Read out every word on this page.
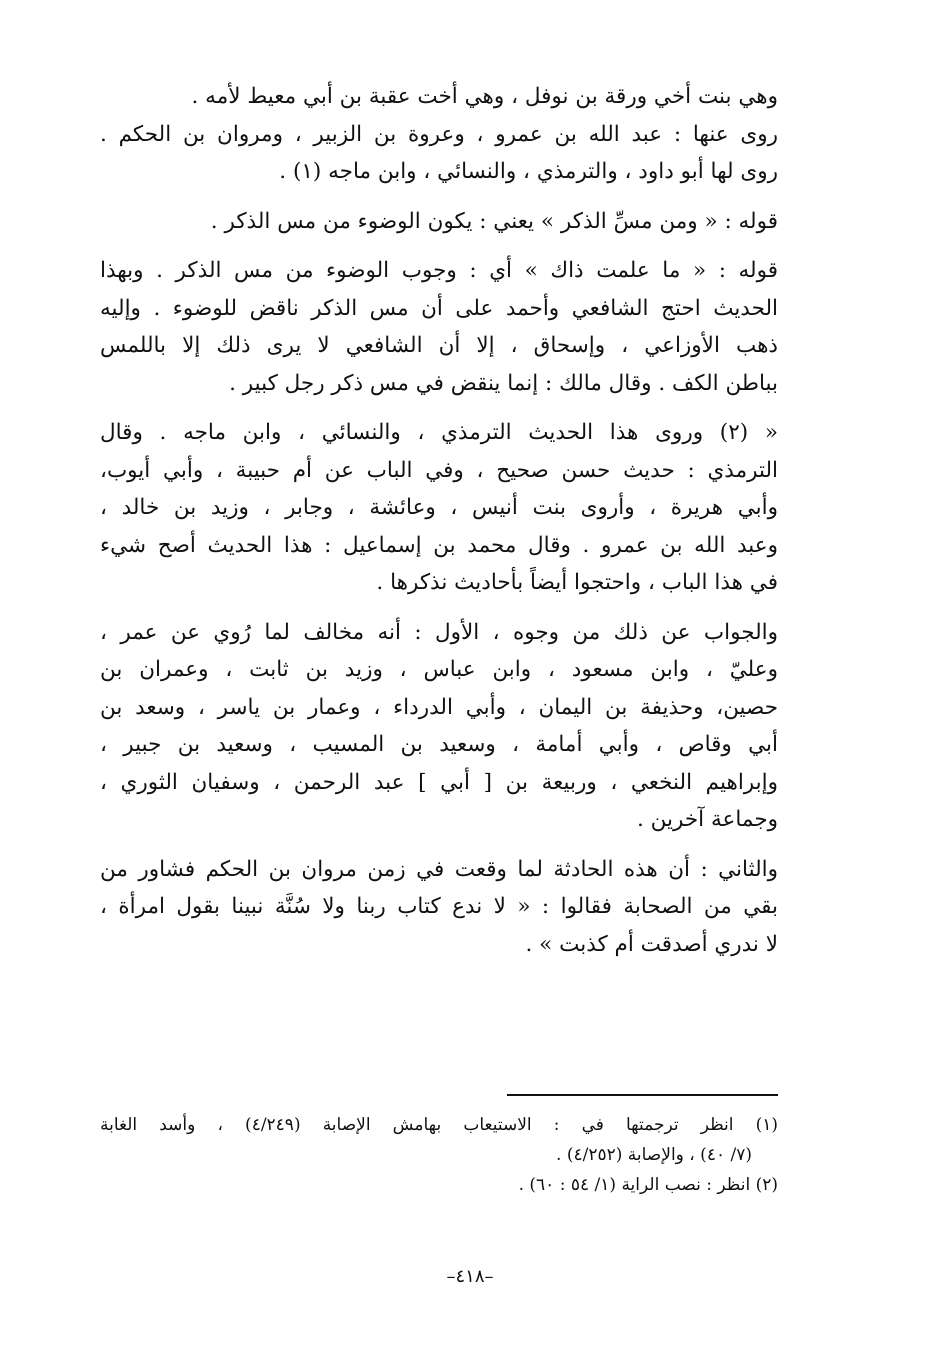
وهي بنت أخي ورقة بن نوفل ، وهي أخت عقبة بن أبي معيط لأمه .
روى عنها : عبد الله بن عمرو ، وعروة بن الزبير ، ومروان بن الحكم .
روى لها أبو داود ، والترمذي ، والنسائي ، وابن ماجه (١) .
قوله : « ومن مسِّ الذكر » يعني : يكون الوضوء من مس الذكر .
قوله : « ما علمت ذاك » أي : وجوب الوضوء من مس الذكر . وبهذا
الحديث احتج الشافعي وأحمد على أن مس الذكر ناقض للوضوء . وإليه
ذهب الأوزاعي ، وإسحاق ، إلا أن الشافعي لا يرى ذلك إلا باللمس
بباطن الكف . وقال مالك : إنما ينقض في مس ذكر رجل كبير .
« (٢) وروى هذا الحديث الترمذي ، والنسائي ، وابن ماجه . وقال
الترمذي : حديث حسن صحيح ، وفي الباب عن أم حبيبة ، وأبي أيوب،
وأبي هريرة ، وأروى بنت أنيس ، وعائشة ، وجابر ، وزيد بن خالد ،
وعبد الله بن عمرو . وقال محمد بن إسماعيل : هذا الحديث أصح شيء
في هذا الباب ، واحتجوا أيضاً بأحاديث نذكرها .
والجواب عن ذلك من وجوه ، الأول : أنه مخالف لما رُوي عن عمر ،
وعليّ ، وابن مسعود ، وابن عباس ، وزيد بن ثابت ، وعمران بن
حصين، وحذيفة بن اليمان ، وأبي الدرداء ، وعمار بن ياسر ، وسعد بن
أبي وقاص ، وأبي أمامة ، وسعيد بن المسيب ، وسعيد بن جبير ،
وإبراهيم النخعي ، وربيعة بن [ أبي ] عبد الرحمن ، وسفيان الثوري ،
وجماعة آخرين .
والثاني : أن هذه الحادثة لما وقعت في زمن مروان بن الحكم فشاور من
بقي من الصحابة فقالوا : « لا ندع كتاب ربنا ولا سُنَّة نبينا بقول امرأة ،
لا ندري أصدقت أم كذبت » .
(١) انظر ترجمتها في : الاستيعاب بهامش الإصابة (٤/٢٤٩) ، وأسد الغابة
(٧/ ٤٠) ، والإصابة (٤/٢٥٢) .
(٢) انظر : نصب الراية (١/ ٥٤ : ٦٠) .
–٤١٨–
